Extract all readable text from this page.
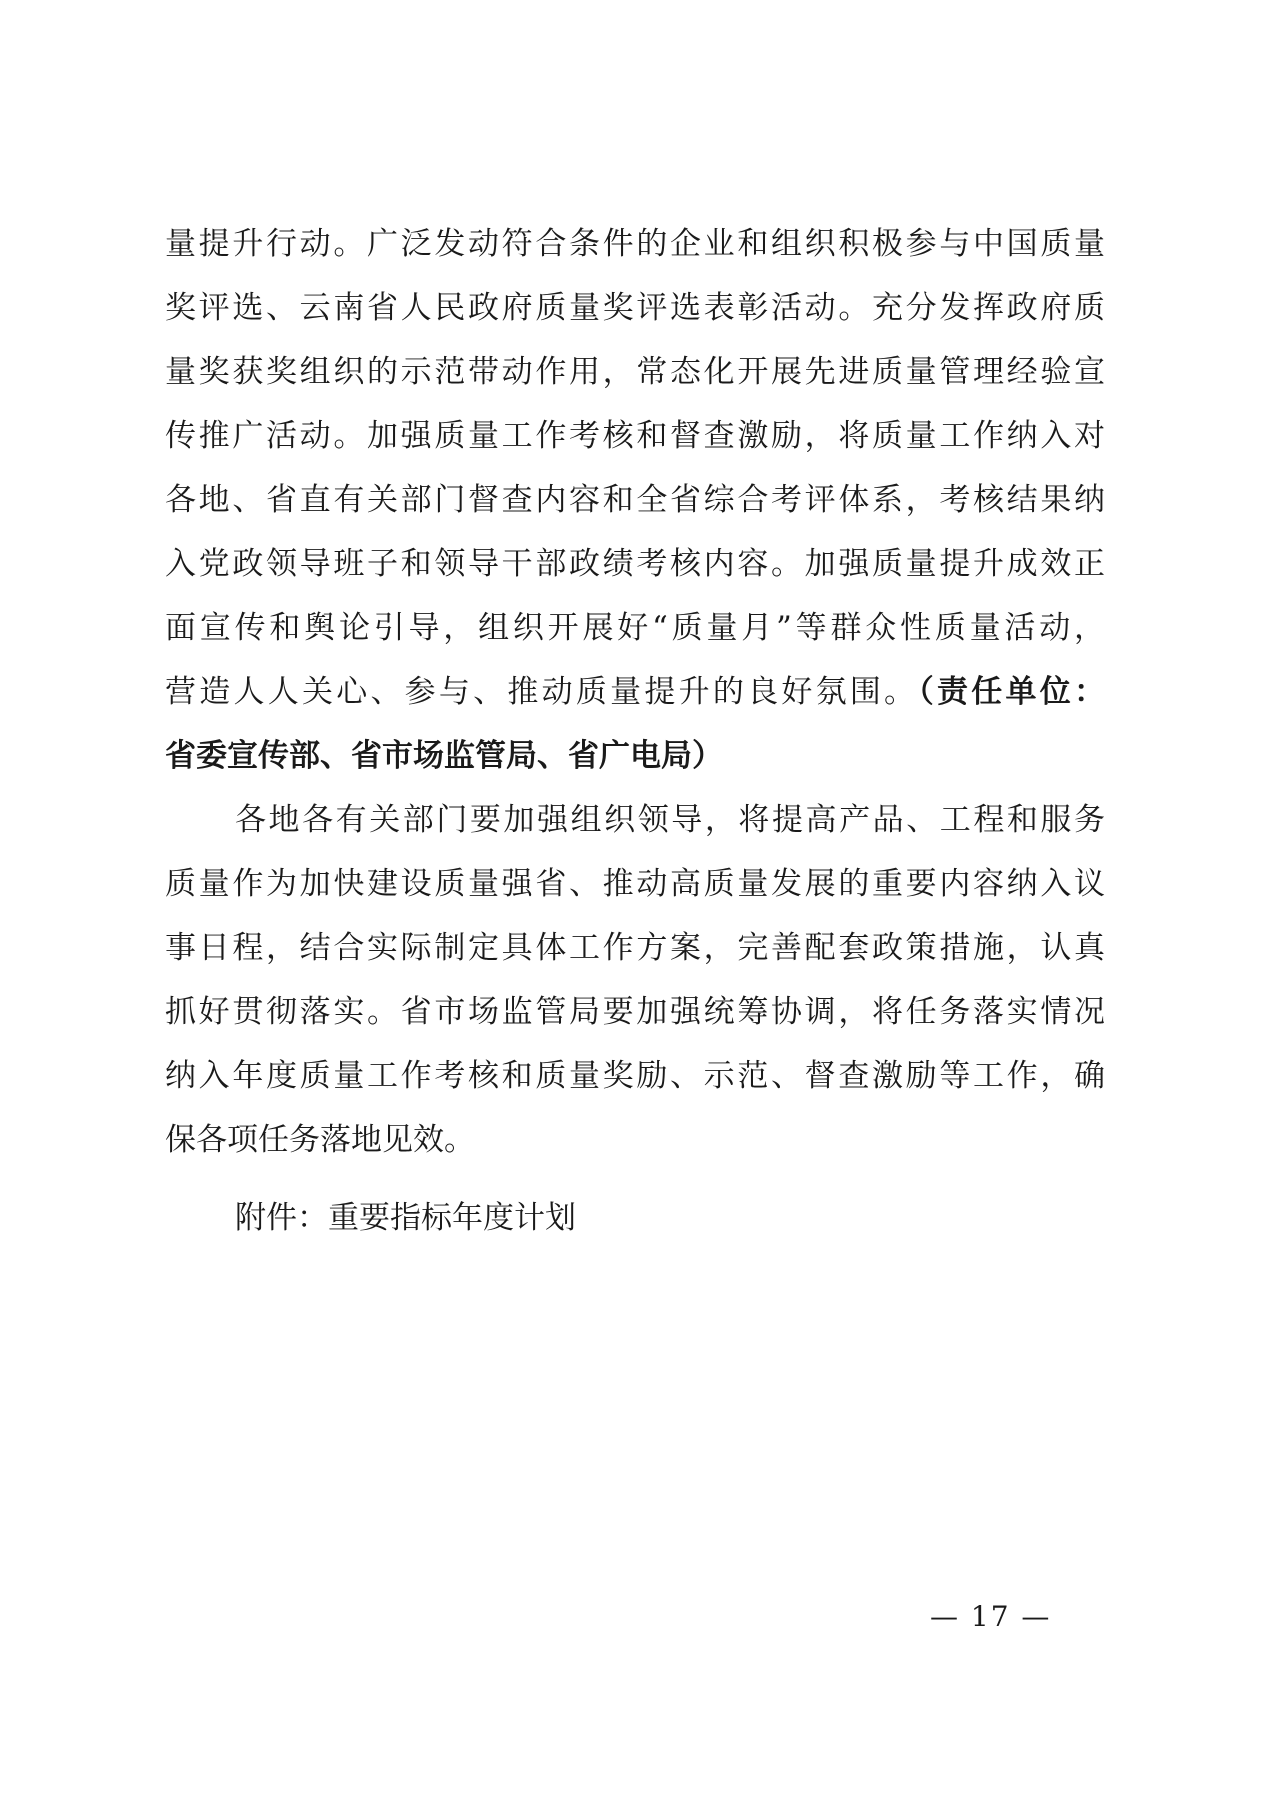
量提升行动。广泛发动符合条件的企业和组织积极参与中国质量
奖评选、云南省人民政府质量奖评选表彰活动。充分发挥政府质
量奖获奖组织的示范带动作用，常态化开展先进质量管理经验宣
传推广活动。加强质量工作考核和督查激励，将质量工作纳入对
各地、省直有关部门督查内容和全省综合考评体系，考核结果纳
入党政领导班子和领导干部政绩考核内容。加强质量提升成效正
面宣传和舆论引导，组织开展好“质量月”等群众性质量活动，
营造人人关心、参与、推动质量提升的良好氛围。（责任单位：
省委宣传部、省市场监管局、省广电局）
各地各有关部门要加强组织领导，将提高产品、工程和服务
质量作为加快建设质量强省、推动高质量发展的重要内容纳入议
事日程，结合实际制定具体工作方案，完善配套政策措施，认真
抓好贯彻落实。省市场监管局要加强统筹协调，将任务落实情况
纳入年度质量工作考核和质量奖励、示范、督查激励等工作，确
保各项任务落地见效。
附件：重要指标年度计划
— 17 —
